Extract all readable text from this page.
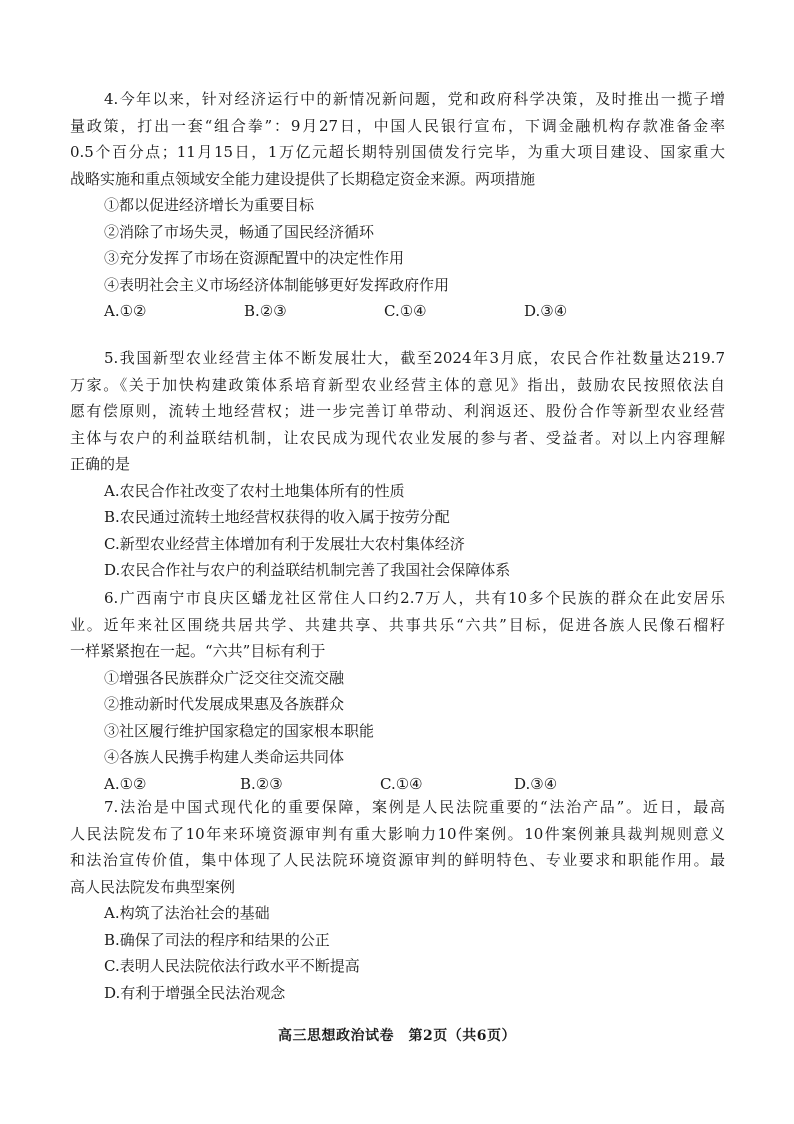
4.今年以来，针对经济运行中的新情况新问题，党和政府科学决策，及时推出一揽子增
量政策，打出一套“组合拳”：9月27日，中国人民银行宣布，下调金融机构存款准备金率
0.5个百分点；11月15日，1万亿元超长期特别国债发行完毕，为重大项目建设、国家重大
战略实施和重点领域安全能力建设提供了长期稳定资金来源。两项措施
①都以促进经济增长为重要目标
②消除了市场失灵，畅通了国民经济循环
③充分发挥了市场在资源配置中的决定性作用
④表明社会主义市场经济体制能够更好发挥政府作用
A.①②	B.②③	C.①④	D.③④
5.我国新型农业经营主体不断发展壮大，截至2024年3月底，农民合作社数量达219.7
万家。《关于加快构建政策体系培育新型农业经营主体的意见》指出，鼓励农民按照依法自
愿有偿原则，流转土地经营权；进一步完善订单带动、利润返还、股份合作等新型农业经营
主体与农户的利益联结机制，让农民成为现代农业发展的参与者、受益者。对以上内容理解
正确的是
A.农民合作社改变了农村土地集体所有的性质
B.农民通过流转土地经营权获得的收入属于按劳分配
C.新型农业经营主体增加有利于发展壮大农村集体经济
D.农民合作社与农户的利益联结机制完善了我国社会保障体系
6.广西南宁市良庆区蟠龙社区常住人口约2.7万人，共有10多个民族的群众在此安居乐
业。近年来社区围绕共居共学、共建共享、共事共乐“六共”目标，促进各族人民像石榴籽
一样紧紧抱在一起。“六共”目标有利于
①增强各民族群众广泛交往交流交融
②推动新时代发展成果惠及各族群众
③社区履行维护国家稳定的国家根本职能
④各族人民携手构建人类命运共同体
A.①②	B.②③	C.①④	D.③④
7.法治是中国式现代化的重要保障，案例是人民法院重要的“法治产品”。近日，最高
人民法院发布了10年来环境资源审判有重大影响力10件案例。10件案例兼具裁判规则意义
和法治宣传价值，集中体现了人民法院环境资源审判的鲜明特色、专业要求和职能作用。最
高人民法院发布典型案例
A.构筑了法治社会的基础
B.确保了司法的程序和结果的公正
C.表明人民法院依法行政水平不断提高
D.有利于增强全民法治观念
高三思想政治试卷　第2页（共6页）
